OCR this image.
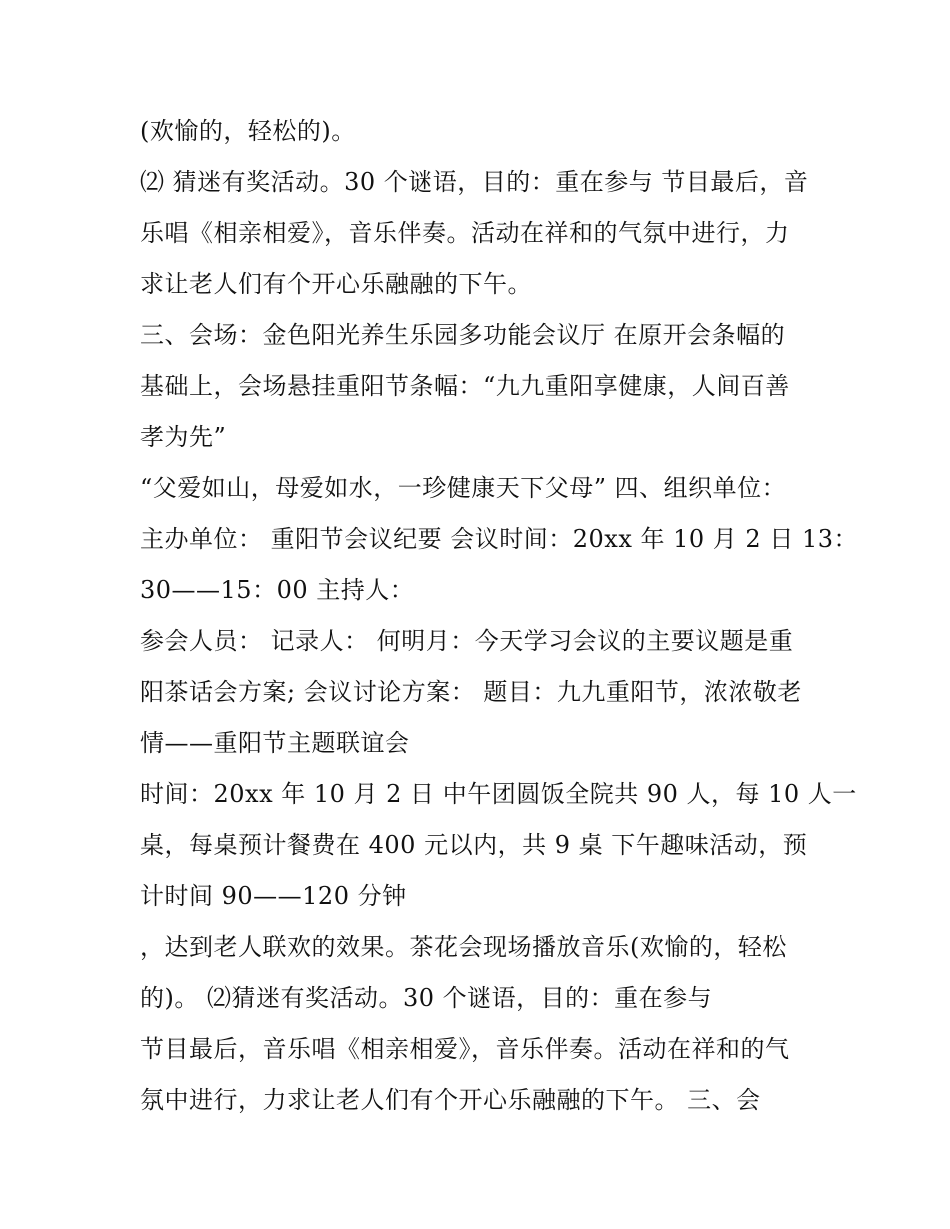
(欢愉的，轻松的)。
⑵ 猜迷有奖活动。30 个谜语，目的：重在参与 节目最后，音
乐唱《相亲相爱》，音乐伴奏。活动在祥和的气氛中进行，力
求让老人们有个开心乐融融的下午。
三、会场：金色阳光养生乐园多功能会议厅 在原开会条幅的
基础上，会场悬挂重阳节条幅：“九九重阳享健康，人间百善
孝为先”
“父爱如山，母爱如水，一珍健康天下父母” 四、组织单位：
主办单位： 重阳节会议纪要 会议时间：20xx 年 10 月 2 日 13：
30——15：00 主持人：
参会人员： 记录人： 何明月：今天学习会议的主要议题是重
阳茶话会方案; 会议讨论方案： 题目：九九重阳节，浓浓敬老
情——重阳节主题联谊会
时间：20xx 年 10 月 2 日 中午团圆饭全院共 90 人，每 10 人一
桌，每桌预计餐费在 400 元以内，共 9 桌 下午趣味活动，预
计时间 90——120 分钟
，达到老人联欢的效果。茶花会现场播放音乐(欢愉的，轻松
的)。 ⑵猜迷有奖活动。30 个谜语，目的：重在参与
节目最后，音乐唱《相亲相爱》，音乐伴奏。活动在祥和的气
氛中进行，力求让老人们有个开心乐融融的下午。 三、会
